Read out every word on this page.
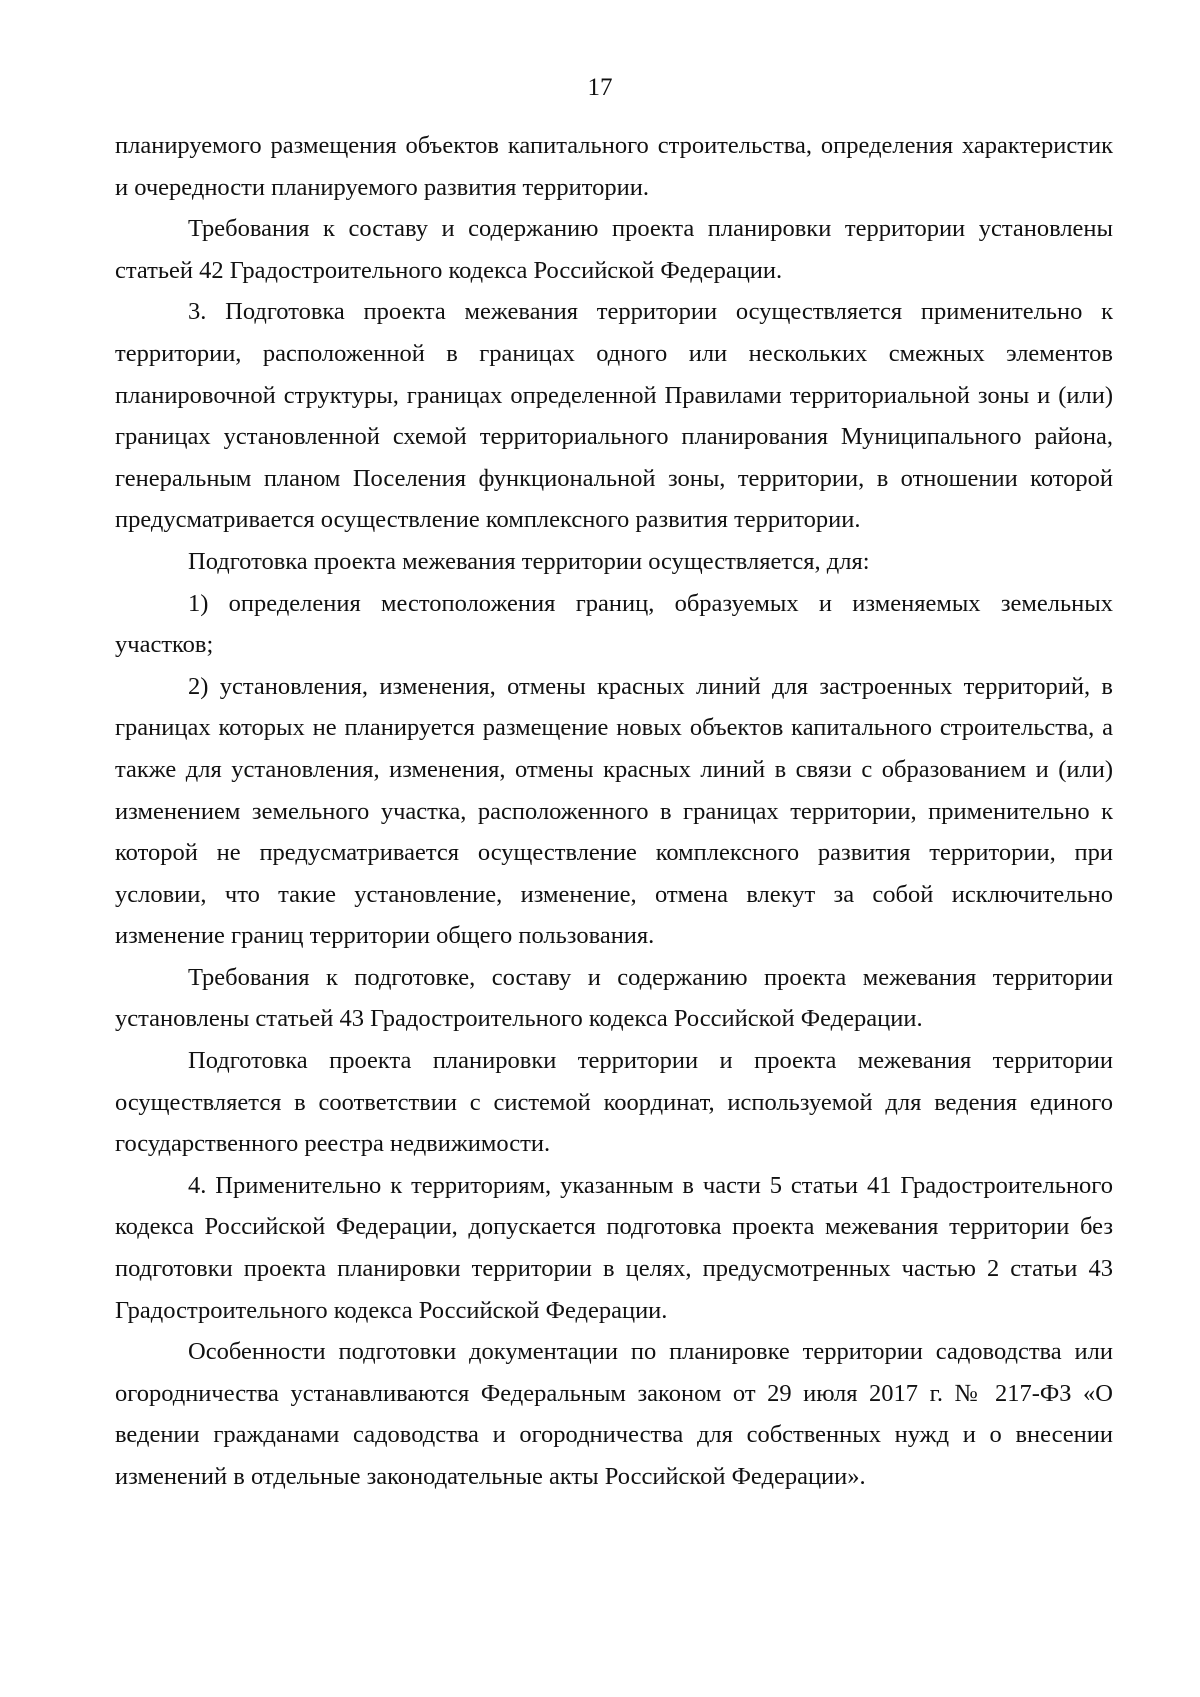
17

планируемого размещения объектов капитального строительства, определения характеристик и очередности планируемого развития территории.

Требования к составу и содержанию проекта планировки территории установлены статьей 42 Градостроительного кодекса Российской Федерации.

3. Подготовка проекта межевания территории осуществляется применительно к территории, расположенной в границах одного или нескольких смежных элементов планировочной структуры, границах определенной Правилами территориальной зоны и (или) границах установленной схемой территориального планирования Муниципального района, генеральным планом Поселения функциональной зоны, территории, в отношении которой предусматривается осуществление комплексного развития территории.

Подготовка проекта межевания территории осуществляется, для:

1) определения местоположения границ, образуемых и изменяемых земельных участков;

2) установления, изменения, отмены красных линий для застроенных территорий, в границах которых не планируется размещение новых объектов капитального строительства, а также для установления, изменения, отмены красных линий в связи с образованием и (или) изменением земельного участка, расположенного в границах территории, применительно к которой не предусматривается осуществление комплексного развития территории, при условии, что такие установление, изменение, отмена влекут за собой исключительно изменение границ территории общего пользования.

Требования к подготовке, составу и содержанию проекта межевания территории установлены статьей 43 Градостроительного кодекса Российской Федерации.

Подготовка проекта планировки территории и проекта межевания территории осуществляется в соответствии с системой координат, используемой для ведения единого государственного реестра недвижимости.

4. Применительно к территориям, указанным в части 5 статьи 41 Градостроительного кодекса Российской Федерации, допускается подготовка проекта межевания территории без подготовки проекта планировки территории в целях, предусмотренных частью 2 статьи 43 Градостроительного кодекса Российской Федерации.

Особенности подготовки документации по планировке территории садоводства или огородничества устанавливаются Федеральным законом от 29 июля 2017 г. № 217-ФЗ «О ведении гражданами садоводства и огородничества для собственных нужд и о внесении изменений в отдельные законодательные акты Российской Федерации».
